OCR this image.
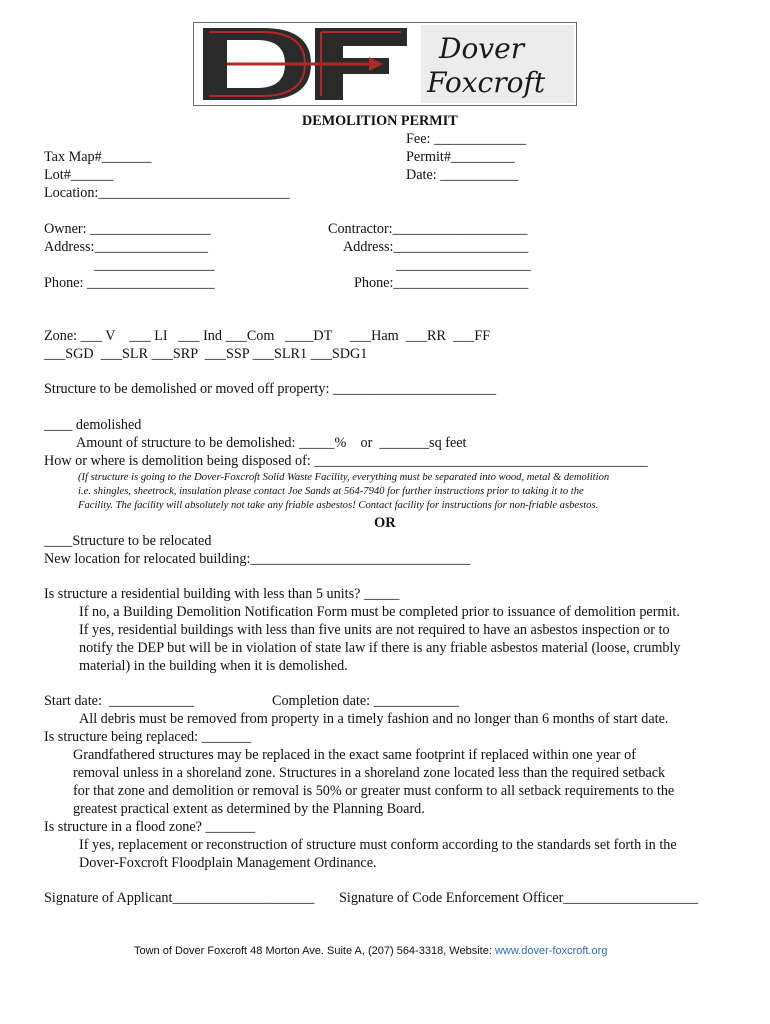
Dover
Foxcroft
DEMOLITION PERMIT
Fee: _____________
Permit#_________
Date: ___________
Tax Map#_______
Lot#______
Location:___________________________
Owner: _________________
Address:________________
_________________
Phone: __________________
Contractor:___________________
Address:___________________
___________________
Phone:___________________
Zone: ___ V    ___ LI   ___ Ind ___Com   ____DT     ___Ham  ___RR  ___FF
___SGD  ___SLR ___SRP  ___SSP ___SLR1 ___SDG1
Structure to be demolished or moved off property: _______________________
____ demolished
Amount of structure to be demolished: _____%    or  _______sq feet
How or where is demolition being disposed of: _______________________________________________
(If structure is going to the Dover-Foxcroft Solid Waste Facility, everything must be separated into wood, metal & demolition
i.e. shingles, sheetrock, insulation please contact Joe Sands at 564-7940 for further instructions prior to taking it to the
Facility. The facility will absolutely not take any friable asbestos! Contact facility for instructions for non-friable asbestos.
OR
____Structure to be relocated
New location for relocated building:_______________________________
Is structure a residential building with less than 5 units? _____
If no, a Building Demolition Notification Form must be completed prior to issuance of demolition permit.
If yes, residential buildings with less than five units are not required to have an asbestos inspection or to
notify the DEP but will be in violation of state law if there is any friable asbestos material (loose, crumbly
material) in the building when it is demolished.
Start date:  ____________	Completion date: ____________
All debris must be removed from property in a timely fashion and no longer than 6 months of start date.
Is structure being replaced: _______
Grandfathered structures may be replaced in the exact same footprint if replaced within one year of
removal unless in a shoreland zone. Structures in a shoreland zone located less than the required setback
for that zone and demolition or removal is 50% or greater must conform to all setback requirements to the
greatest practical extent as determined by the Planning Board.
Is structure in a flood zone? _______
If yes, replacement or reconstruction of structure must conform according to the standards set forth in the
Dover-Foxcroft Floodplain Management Ordinance.
Signature of Applicant____________________ Signature of Code Enforcement Officer___________________
Town of Dover Foxcroft 48 Morton Ave. Suite A, (207) 564-3318, Website: www.dover-foxcroft.org
